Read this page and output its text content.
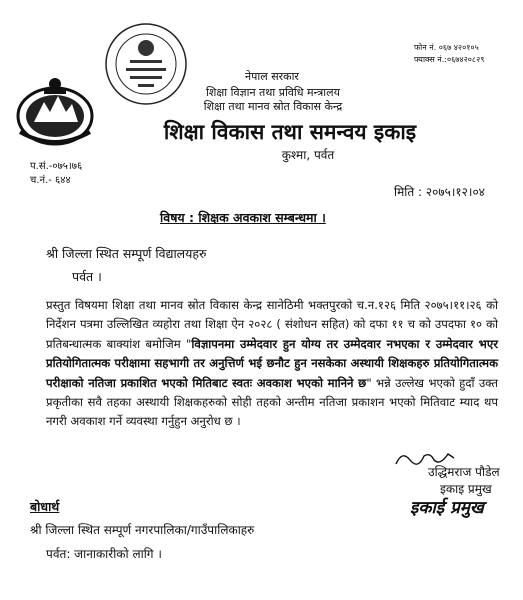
फोन नं. ०६७ ४२०१०५
फ्याक्स नं.:०६७४२०८२९
नेपाल सरकार
शिक्षा विज्ञान तथा प्रविधि मन्त्रालय
शिक्षा तथा मानव स्रोत विकास केन्द्र
शिक्षा विकास तथा समन्वय इकाइ
कुश्मा, पर्वत
प.सं.-०७५।७६
च.नं.- ६४४
मिति : २०७५।१२।०४
विषय : शिक्षक अवकाश सम्बन्धमा ।
श्री जिल्ला स्थित सम्पूर्ण विद्यालयहरु
पर्वत ।
प्रस्तुत विषयमा शिक्षा तथा मानव स्रोत विकास केन्द्र सानेठिमी भक्तपुरको च.न.१२६ मिति २०७५।११।२६ को निर्देशन पत्रमा उल्लिखित व्यहोरा तथा शिक्षा ऐन २०२८ ( संशोधन सहित) को दफा ११ च को उपदफा १० को प्रतिबन्धात्मक बाक्यांश बमोजिम "विज्ञापनमा उम्मेदवार हुन योग्य तर उम्मेदवार नभएका र उम्मेदवार भएर प्रतियोगितात्मक परीक्षामा सहभागी तर अनुत्तिर्ण भई छनौट हुन नसकेका अस्थायी शिक्षकहरु प्रतियोगितात्मक परीक्षाको नतिजा प्रकाशित भएको मितिबाट स्वतः अवकाश भएको मानिने छ" भन्ने उल्लेख भएको हुदाँ उक्त प्रकृतीका सवै तहका अस्थायी शिक्षकहरुको सोही तहको अन्तीम नतिजा प्रकाशन भएको मितिवाट म्याद थप नगरी अवकाश गर्ने व्यवस्था गर्नुहुन अनुरोध छ ।
उद्धिमराज पौडेल
इकाइ प्रमुख
इकाई प्रमुख
बोधार्थ
श्री जिल्ला स्थित सम्पूर्ण नगरपालिका/गाउँपालिकाहरु
पर्वत: जानाकारीको लागि ।
